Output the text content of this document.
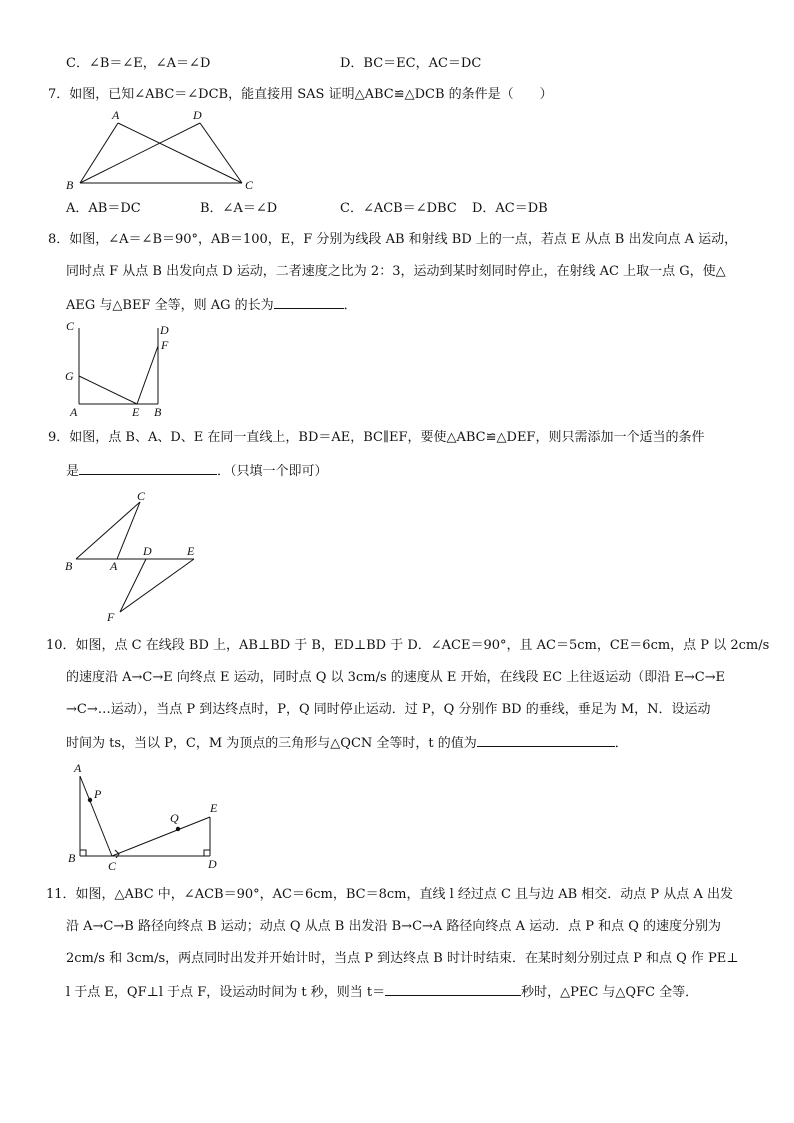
C．∠B＝∠E，∠A＝∠D	D．BC＝EC，AC＝DC
7．如图，已知∠ABC＝∠DCB，能直接用 SAS 证明△ABC≌△DCB 的条件是（　　）
A	D
B	C
A．AB＝DC	B．∠A＝∠D	C．∠ACB＝∠DBC D．AC＝DB
8．如图，∠A＝∠B＝90°，AB＝100，E，F 分别为线段 AB 和射线 BD 上的一点，若点 E 从点 B 出发向点 A 运动，
同时点 F 从点 B 出发向点 D 运动，二者速度之比为 2：3，运动到某时刻同时停止，在射线 AC 上取一点 G，使△
AEG 与△BEF 全等，则 AG 的长为	．
C	D
F
G
A	E B
9．如图，点 B、A、D、E 在同一直线上，BD＝AE，BC∥EF，要使△ABC≌△DEF，则只需添加一个适当的条件
是	．（只填一个即可）
C
B	A
D	E
F
10．如图，点 C 在线段 BD 上，AB⊥BD 于 B，ED⊥BD 于 D．∠ACE＝90°，且 AC＝5cm，CE＝6cm，点 P 以 2cm/s
的速度沿 A→C→E 向终点 E 运动，同时点 Q 以 3cm/s 的速度从 E 开始，在线段 EC 上往返运动（即沿 E→C→E
→C→…运动），当点 P 到达终点时，P，Q 同时停止运动．过 P，Q 分别作 BD 的垂线，垂足为 M，N．设运动
时间为 ts，当以 P，C，M 为顶点的三角形与△QCN 全等时，t 的值为	．
A
P
Q
E
B
C	D
11．如图，△ABC 中，∠ACB＝90°，AC＝6cm，BC＝8cm，直线 l 经过点 C 且与边 AB 相交．动点 P 从点 A 出发
沿 A→C→B 路径向终点 B 运动；动点 Q 从点 B 出发沿 B→C→A 路径向终点 A 运动．点 P 和点 Q 的速度分别为
2cm/s 和 3cm/s，两点同时出发并开始计时，当点 P 到达终点 B 时计时结束．在某时刻分别过点 P 和点 Q 作 PE⊥
l 于点 E，QF⊥l 于点 F，设运动时间为 t 秒，则当 t＝	秒时，△PEC 与△QFC 全等．
